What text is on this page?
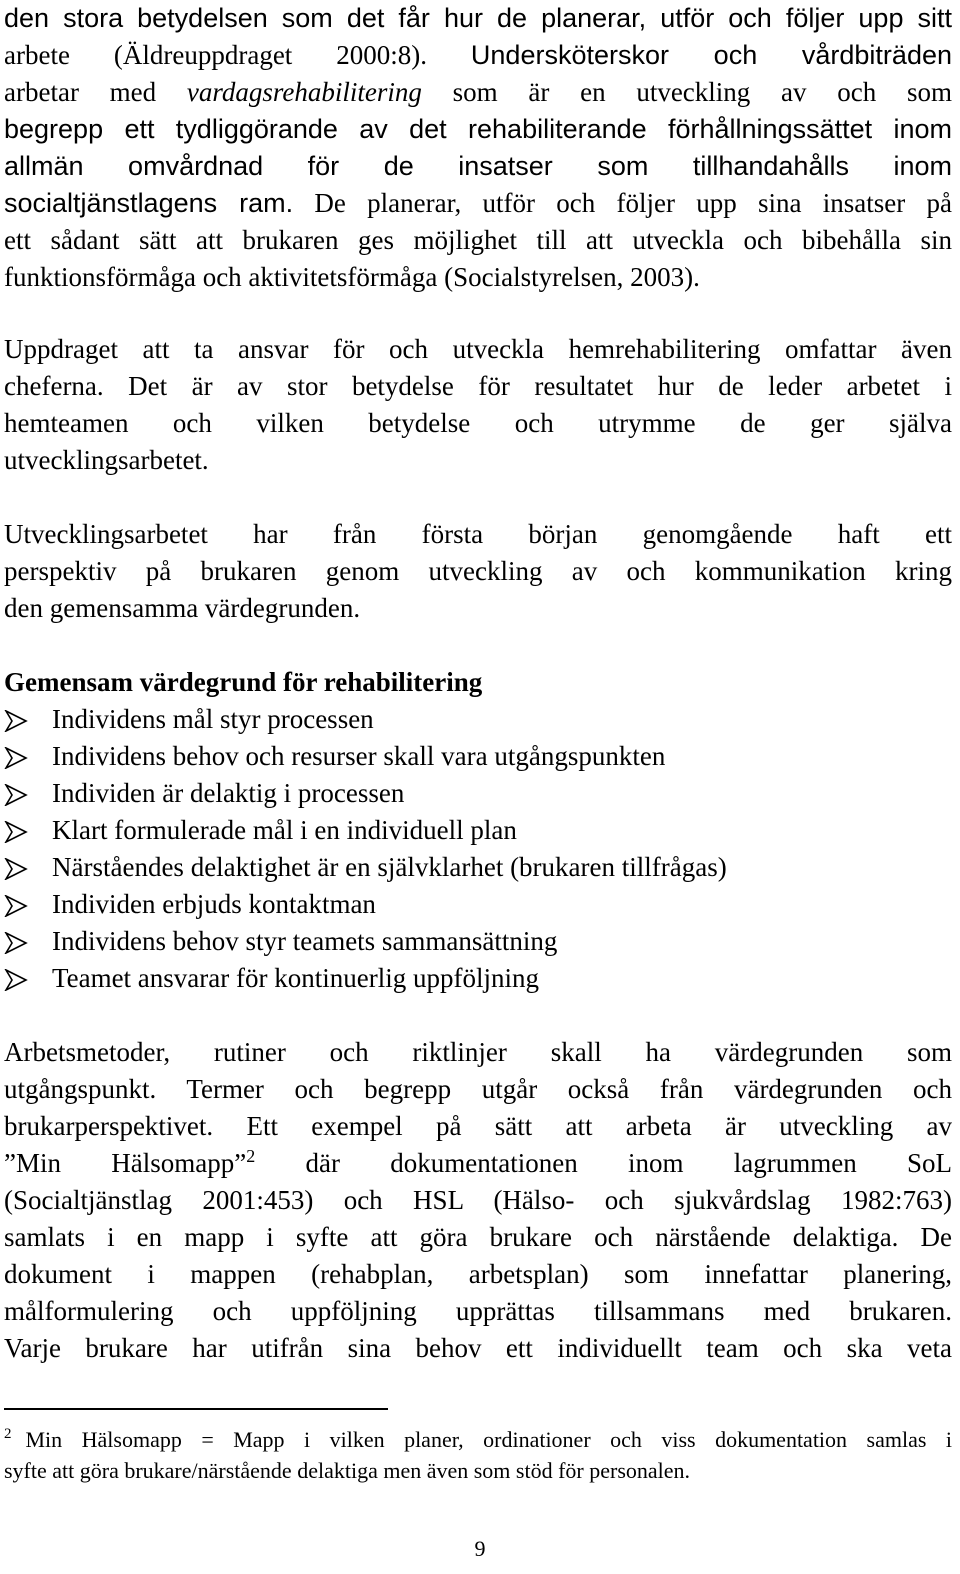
den stora betydelsen som det får hur de planerar, utför och följer upp sitt
arbete (Äldreuppdraget 2000:8). Undersköterskor och vårdbiträden
arbetar med vardagsrehabilitering som är en utveckling av och som
begrepp ett tydliggörande av det rehabiliterande förhållningssättet inom
allmän omvårdnad för de insatser som tillhandahålls inom
socialtjänstlagens ram. De planerar, utför och följer upp sina insatser på
ett sådant sätt att brukaren ges möjlighet till att utveckla och bibehålla sin
funktionsförmåga och aktivitetsförmåga (Socialstyrelsen, 2003).
Uppdraget att ta ansvar för och utveckla hemrehabilitering omfattar även
cheferna. Det är av stor betydelse för resultatet hur de leder arbetet i
hemteamen och vilken betydelse och utrymme de ger själva
utvecklingsarbetet.
Utvecklingsarbetet har från första början genomgående haft ett
perspektiv på brukaren genom utveckling av och kommunikation kring
den gemensamma värdegrunden.
Gemensam värdegrund för rehabilitering
Individens mål styr processen
Individens behov och resurser skall vara utgångspunkten
Individen är delaktig i processen
Klart formulerade mål i en individuell plan
Närståendes delaktighet är en självklarhet (brukaren tillfrågas)
Individen erbjuds kontaktman
Individens behov styr teamets sammansättning
Teamet ansvarar för kontinuerlig uppföljning
Arbetsmetoder, rutiner och riktlinjer skall ha värdegrunden som
utgångspunkt. Termer och begrepp utgår också från värdegrunden och
brukarperspektivet. Ett exempel på sätt att arbeta är utveckling av
”Min Hälsomapp”$^2$ där dokumentationen inom lagrummen SoL
(Socialtjänstlag 2001:453) och HSL (Hälso- och sjukvårdslag 1982:763)
samlats i en mapp i syfte att göra brukare och närstående delaktiga. De
dokument i mappen (rehabplan, arbetsplan) som innefattar planering,
målformulering och uppföljning upprättas tillsammans med brukaren.
Varje brukare har utifrån sina behov ett individuellt team och ska veta
$^2$ Min Hälsomapp = Mapp i vilken planer, ordinationer och viss dokumentation samlas i
syfte att göra brukare/närstående delaktiga men även som stöd för personalen.
9
